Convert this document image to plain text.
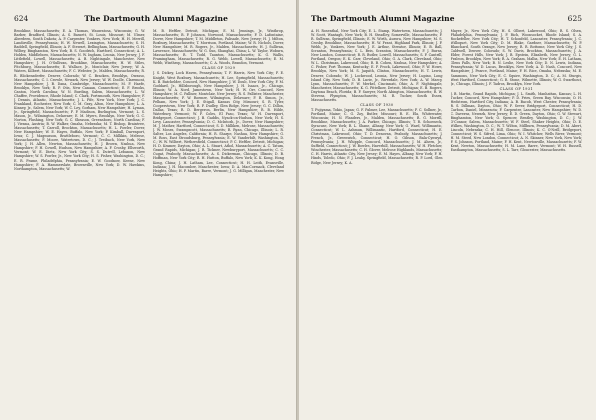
624	The Dartmouth Alumni Magazine
Brookline, Massachusetts; E. A. Thomas, Wauwatosa, Wisconsin; G. W. Barber, Bradford, Illinois; A. S. Bassett, St. Louis, Missouri; M. Ulmer, Aberdeen, South Dakota; A. P. Carpenter, Yonkers, New York; H. H. Merrill, Landisville, Pennsylvania; H. W. Newell, Lexington, Massachusetts; S. H. Baddell, Springfield, Illinois; A. F. Stewart, Bellingham, Massachusetts; G. H. Wilbey, Binghamton, New York; B. S. Goodrich, Hartford, Connecticut; A. L. Holden, Middleboro, Massachusetts; N. W. Ingham, Leonia, New Jersey; J. F. Littlefield, Lowell, Massachusetts; A. B. Nightingale, Manchester, New Hampshire; J. H. O'Sullivan, Brookline, Massachusetts; H. W. Stiles, Fitchburg, Massachusetts; E. Wallace, Jr., Montclair, New Jersey; W. A. Waters, Kilbert, Massachusetts; F. C. Webster, Jr., Malden, Massachusetts; R. R. Blickensderfer, Denver, Colorado; W. C. Bracken, Brooklyn, Owasso, Massachusetts; C. I. Crowle, Newark, New Jersey; W. W. Doolle, Claremont, New Hampshire; J. B. Dana, Cambridge, Massachusetts; M. F. Haefe, Brooklyn, New York; R. P. Otis, New Canaan, Connecticut; E. F. Brooks, Canton, North Carolina; W. N. Burding, Salem, Massachusetts; L. W. Chaffee, Providence, Rhode Island; C. Clark, Portsmouth, New Hampshire; F. J. Dennis, Atlantic, Massachusetts; J. L. Fife, New York, New York; J. C. Frankland, Rochester, New York; C. M. Gray, Alton, New Hampshire; L. A. Kinney, Jr., Salem, New York; W. C. Ley, Gorham, New Hampshire; H. Lyman, Jr., Springfield, Massachusetts; F. P. Madison, Burlington, Vermont; L. S. Mason, Jr., Wilmington, Delaware; E. M. Myers, Brooklyn, New York; G. C. Norton, Flushing, New York; G. C. Sheason, Greensboro, North Carolina; F. J. Vienna, Austria; B. W. Walker, Omaha, Nebraska; M. T. Bishop, Braintree, Massachusetts; T. Carroll, Brockton, Massachusetts; H. L. Fowler, Dover, New Hampshire; W. E. Hayes, Buffalo, New York; P. Kimball, Davenport, Iowa; C. J. Magnusson, Brattleboro, Vermont; C. C. Millikin, Melrose, Massachusetts; F. Moore, Watertown, D. C.; J. Treibach, New York, New York; J. H. Allen, Newton, Massachusetts; H. J. Brown, Nashua, New Hampshire; F. H. Cowell, Hudson, New Hampshire; A. F. Crosby, Ellsworth, Vermont; W. E. Dietz, New York City; S. S. Dutrell, Lebanon, New Hampshire; W. S. Fowler, Jr., New York City; H. S. Fisher, Washington, D. C.; E. R. Frame, Philadelphia, Pennsylvania; E. W. Goodnow, Keene, New Hampshire; F. A. Hammerslate, Brownville, New York; D. W. Hawkins, Northampton, Massachusetts; W.
M. B. Heftler, Detroit, Michigan; E. M. Jennings, Jr., Winthrop, Massachusetts; B. P. Johnson, Norwood, Massachusetts; F. D. Lafontaine, Dover, New Hampshire; T. M. Middleton, Palisade, New Jersey; H. J. Milton, Roxbury, Massachusetts; T. Morrison, Portland, Maine; W. R. Nichols, Dover, New Hampshire; M. R. Rogers, Jr., Malden, Massachusetts; H. J. Sullivan, Lawrence, Massachusetts; W. G. Sun, Shanghai, China; L. W. Taylor, Woburn, Massachusetts; R. T. Todd, Taunton, Massachusetts; K. G. Wallis, Framingham, Massachusetts; R. G. Webb, Lowell, Massachusetts; E. M. Webb, Winthrop, Massachusetts; C. A. Woods, Brandon, Vermont.
CLASS OF 1929
J. S. Dickey, Lock Haven, Pennsylvania; T. F. Harris, New York City; F. E. Knight, West Roxbury, Massachusetts; H. Lee, Springfield, Massachusetts; K. B. Batchelder, Concord, New Hampshire; J. W. Doub, New York City; F. M. Goddard, Jr., Hillsborough, New Hampshire; J. H. Isaacs, Jr., Chicago, Illinois; W. A. Nord, Jamestown, New York; H. W. Orr, Concord, New Hampshire; M. C. Palliser, Montclair, New Jersey; R. S. Pallister, Manchester, Massachusetts; F. W. Roemer, Wilmington, Delaware; F. R. Simon, Jr., Pelham, New York; J. E. Stigall, Kansas City, Missouri; S. R. Tyler, Cooperstown, New York; R. F. Dudley, Glen Ridge, New Jersey; G. C. Dillon, Dallas, Texas; R. D. Bergeron, Berlin, New Hampshire; R. B. Hilde, Waterbury, Vermont; W. F. Coles, El Paso, Texas; W. H. Davenport, Bridgeport, Connecticut; J. B. Gaddis, Nyack-on-Hudson, New York; H. S. Levy, Lancaster, Pennsylvania; D. C. McIntosh, Jr., Dover, New Hampshire; M. J. Mather, Hartford, Connecticut; S. D. Milliken, Melrose, Massachusetts; J. W. Moses, Swampscott, Massachusetts; R. Ryan, Chicago, Illinois; L. R. Salter, Los Angeles, California; H. R. Sharpe, Nashua, New Hampshire; G. M. Ross, East Stroudsburg, Pennsylvania; E. W. Vanderbilt, Washington, D. C.; W. W. Wilbert, Wethersfield, Connecticut; P. C. Heftler, Detroit, Michigan; H. D. Kramer, Dayton, Ohio; A. L. Stuart, Athol, Massachusetts; A. C. Tatum, Grand Rapids, Michigan; J. R. Tickner, Newburyport, Massachusetts; C. C. Cugat, Peabody, Massachusetts; A. S. Dickerman, Chicago, Illinois; D. B. Hoffman, New York City; R. H. Hutton, Buffalo, New York; K. K. Kong, Hong Kong, China; J. H. Latham, Lee, Connecticut; H. H. Leith, Evansville, Indiana; J. H. Macomber, Manchester, Iowa; D. A. MacCormack, Cleveland Heights, Ohio; H. P. Martin, Barre, Vermont; J. G. Milligan, Manchester, New Hampshire;
The Dartmouth Alumni Magazine	625
A. H. Rosenthal, New York City; E. L. Stamp, Watertown, Massachusetts; J. W. Scott, Wantagh, New York; B. H. Steadley, Somerville, Massachusetts; F. R. Sullivan, Springfield, Illinois; E. W. Wirth, Aurora, New Hampshire; M. S. Crosby, Brookline, Massachusetts; H. W. Frant, Highland Park, Illinois; J. F. Webb, Jr., Yonkers, New York; J. E. Arthur, Streator, Illinois; E. B. Ball, Scranton, Pennsylvania; C. L. Beis, Scranton, Massachusetts; F. J. Burns, New London, Connecticut; R. R. Butler, Lowell, Massachusetts; S. F. Cantrill, Portland, Oregon; E. K. Carr, Cleveland, Ohio; G. A. Clark, Cleveland, Ohio; W. L. Christman, Lakewood, Ohio; R. B. Cohen, Nashua, New Hampshire; A. C. Fisher, Fort Thomas, Kentucky; E. F. Frock, Lakewood, Ohio; F. W. Howe, Brooklyn, New York; M. S. Jaquith, Clinton, Massachusetts; H. T. Lewis, Denver, Colorado; W. J. Lockwood, Leonia, New Jersey; H. Lupino, Long Island City, New York; D. B. Lurie, Jr., Riverdale, New York; A. W. Marcy, Lynn, Massachusetts; F. W. Merkel, Cincinnati, Ohio; A. F. Nightingale, Manchester, Massachusetts; K. G. Pittelkow, Detroit, Michigan; E. B. Rogers, Daytona Beach, Florida; B. F. Sawyer, North Abington, Massachusetts; R. W. Stevens, Plympton, Massachusetts; M. R. Tucker, South Essex, Massachusetts.
CLASS OF 1930
T. Fujiyama, Tokio, Japan; G. F. Palmer, Lee, Massachusetts; F. C. Sollner, Jr., Portland, Maine; C. G. Zoy, Butler, Missouri; R. E. Ela, Whitewater, Wisconsin; H. N. Flanders, Jr., Malden, Massachusetts; R. G. Morrill, Brookline, Massachusetts; J. A. Parker, Chicago, Illinois; T. R. Schoeneck, Syracuse, New York; R. L. Shane, Albany, New York; G. Ward, Willimantic, Connecticut; W. L. Ashmun, Willimantic, Hartford, Connecticut; H. E. Christman, Lakewood, Ohio; T. D. Denovan, Peabody, Massachusetts; J. French, Jr., Greenwich, Connecticut; H. O. Gibson, Bala-Cynwyd, Pennsylvania; J. H. Whipple, Concord, Massachusetts; J. M. Ahern, Jr., Suffield, Connecticut; J. W. Bowles, Haverhill, Massachusetts; W. H. Fletcher, Winchester, Massachusetts; C. H. Glover, Melrose Highlands, Massachusetts; C. H. Harris, Atlantic City, New Jersey; E. M. Hayes, Albany, New York; F. H. Hinds, Toledo, Ohio; F. J. Leahy, Springfield, Massachusetts; R. P. Lord, Glen Ridge, New Jersey; K. A.
Mayer, Jr., New York City; H. S. Olbert, Lakewood, Ohio; R. S. Olsen, Philadelphia, Pennsylvania; J. F. Rich, Woonsocket, Rhode Island; S. A. Rockefeller, New York City; H. T. Schonfeld, Lancaster, Pennsylvania; J. C. Willoquet, New York City; D. M. Blake, Gardner, Massachusetts; W. P. Blanchard, South Orange, New Jersey; R. R. Bottome, New York City; J. S. Caldwell, Denver, Colorado; S. W. Davis, Brockton, Massachusetts; J. A. Elder, Forest Hills, New York; J. B. Epstein, Elizabeth, New Jersey; G. L. Fraleon, Brooklyn, New York; R. A. Graham, Malba, New York; E. H. Latham, Glens Falls, New York; B. N. Leslie, New York City; D. N. Lewis, Indiana, Pennsylvania; W. D. Lucas, Brooklyn, New York; A. D. Nash, Concord, New Hampshire; J. Pearce, Portland, Maine; F. H. Rice, Omaha, Nebraska; M. E. Sammons, New York City; E. C. Squire, Washington, D. C.; A. M. Sturgis, West Hartford, Connecticut; G. R. Stone, Wilmette, Illinois; W. G. Swarthout, Jr., Chicago, Illinois; J. F. Tadros, Brooklyn, New York.
CLASS OF 1931
J. B. Martin, Grand Rapids, Michigan; J. L. Smith, Manhattan, Kansas; L. H. Tucker, Concord, New Hampshire; P. D. Fries, Green Bay, Wisconsin; O. H. Hedstrom, Hartford City, Indiana; A. B. Bacob, West Chester, Pennsylvania; R. S. Dillman, Dayton, Ohio; W. F. Sever, Bridgeport, Connecticut; H. D. Carbon, Daniel, Minnesota; F. Carpenter, Lancaster, New Hampshire; W. D. C. Daverns, Newark, New Jersey; E. D. Green, Dayton, Ohio; G. W. Stewart, Binghamton, New York; O. Spencer, Bentley, Washington, D. C.; J. W. O'Connor, Salem, Massachusetts; W. F. Steel, Shaker Heights, Ohio; D. E. Wilkes, Washington, D. C.; W. T. Wilton, Millburn, Pennsylvania; D. M. Abert, Lincoln, Nebraska; C. H. Hill, Glencoe, Illinois; K. C. O'Neill, Bridgeport, Connecticut; W. S. Sifred, Lima, Ohio; W. I. Whitcher, Wells River, Vermont; H. M. Steed, New London, Connecticut; A. N. Skinner, New York, New York; F. S. Johnson, Portland, Maine; F. H. Kent, Newtonville, Massachusetts; F. W. Kent, Newton, Massachusetts; H. M. Lane, Barre, Vermont; W. H. Russell, Easthampton, Massachusetts; S. L. Tarr, Gloucester, Massachusetts.
